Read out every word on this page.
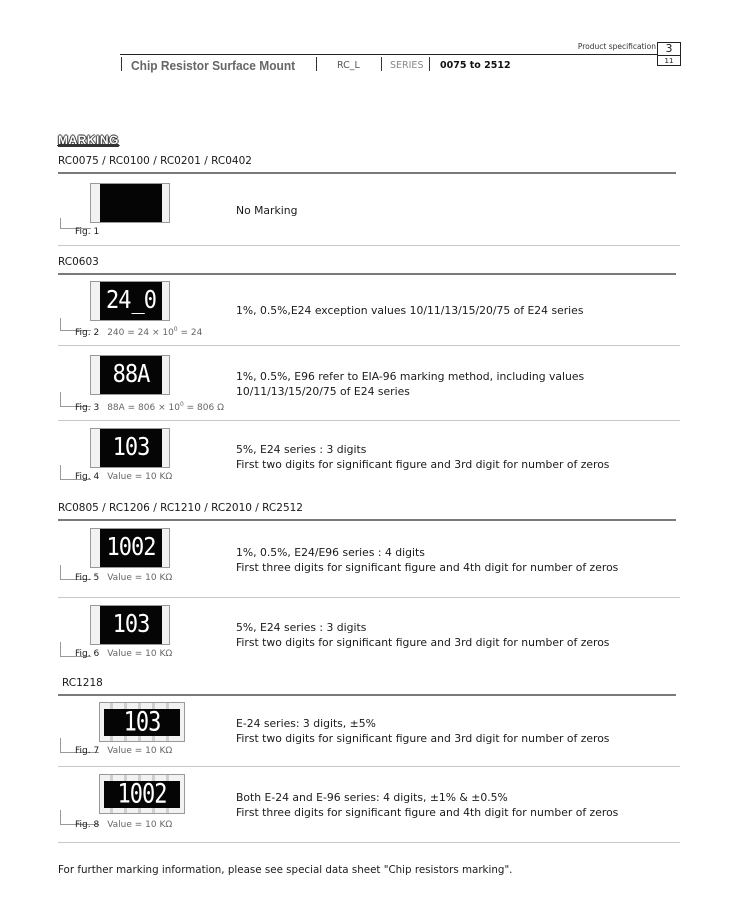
Product specification 3
11
Chip Resistor Surface Mount	RC_L	SERIES 0075 to 2512
MARKING
RC0075 / RC0100 / RC0201 / RC0402
Fig. 1
No Marking
RC0603
24̲0
Fig. 2 $240 = 24 \times 10^0 = 24$
1%, 0.5%,E24 exception values 10/11/13/15/20/75 of E24 series
88A
Fig. 3 $88A = 806 \times 10^0 = 806$ Ω
1%, 0.5%, E96 refer to EIA-96 marking method, including values
10/11/13/15/20/75 of E24 series
103
Fig. 4 Value = 10 KΩ
5%, E24 series : 3 digits
First two digits for significant figure and 3rd digit for number of zeros
RC0805 / RC1206 / RC1210 / RC2010 / RC2512
1002
Fig. 5 Value = 10 KΩ
1%, 0.5%, E24/E96 series : 4 digits
First three digits for significant figure and 4th digit for number of zeros
103
Fig. 6 Value = 10 KΩ
5%, E24 series : 3 digits
First two digits for significant figure and 3rd digit for number of zeros
RC1218
103
Fig. 7 Value = 10 KΩ
E-24 series: 3 digits, ±5%
First two digits for significant figure and 3rd digit for number of zeros
1002
Fig. 8 Value = 10 KΩ
Both E-24 and E-96 series: 4 digits, ±1% & ±0.5%
First three digits for significant figure and 4th digit for number of zeros
For further marking information, please see special data sheet "Chip resistors marking".
